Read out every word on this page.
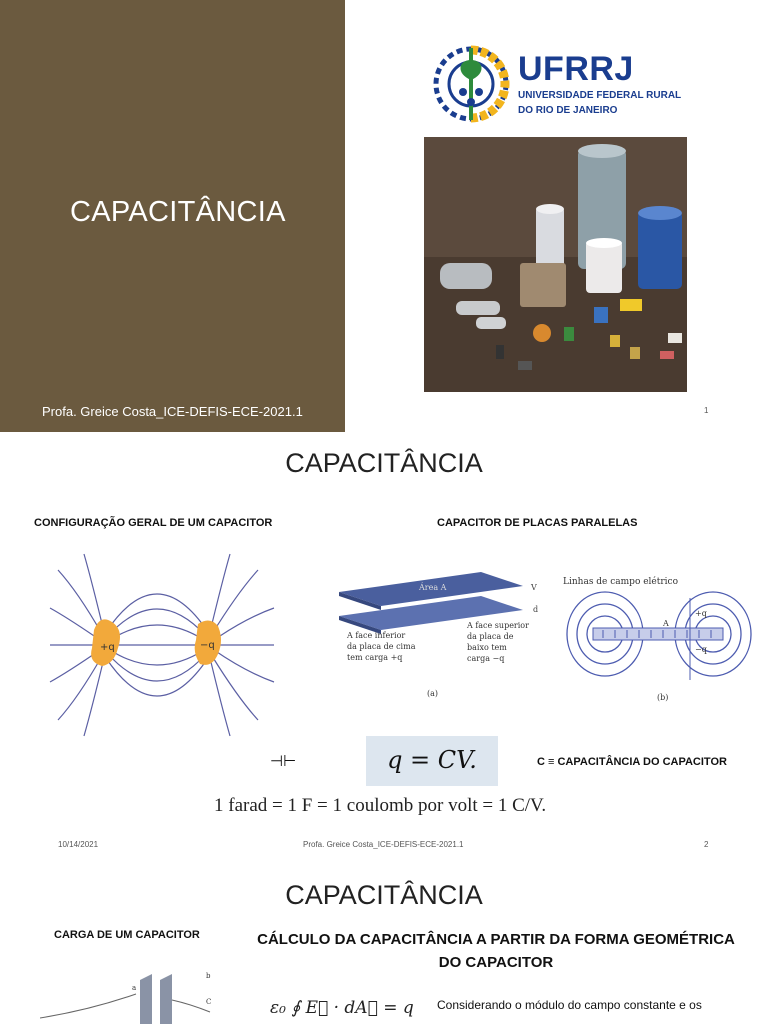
CAPACITÂNCIA
Profa. Greice Costa_ICE-DEFIS-ECE-2021.1
UFRRJ
UNIVERSIDADE FEDERAL RURAL
DO RIO DE JANEIRO
1
CAPACITÂNCIA
CONFIGURAÇÃO GERAL DE UM CAPACITOR	CAPACITOR DE PLACAS PARALELAS
+q	−q
Área A	V
d
A face inferior
da placa de cima
tem carga +q
A face superior
da placa de
baixo tem
carga −q
(a)
Linhas de campo elétrico
A
+q
−q
(b)
⊣⊢	q = CV.	C ≡ CAPACITÂNCIA DO CAPACITOR
1 farad = 1 F = 1 coulomb por volt = 1 C/V.
10/14/2021	Profa. Greice Costa_ICE-DEFIS-ECE-2021.1	2
CAPACITÂNCIA
CARGA DE UM CAPACITOR	CÁLCULO DA CAPACITÂNCIA A PARTIR DA FORMA GEOMÉTRICA DO CAPACITOR
a
b
C	ε₀ ∮ E⃗ · dA⃗ = q Considerando o módulo do campo constante e os
